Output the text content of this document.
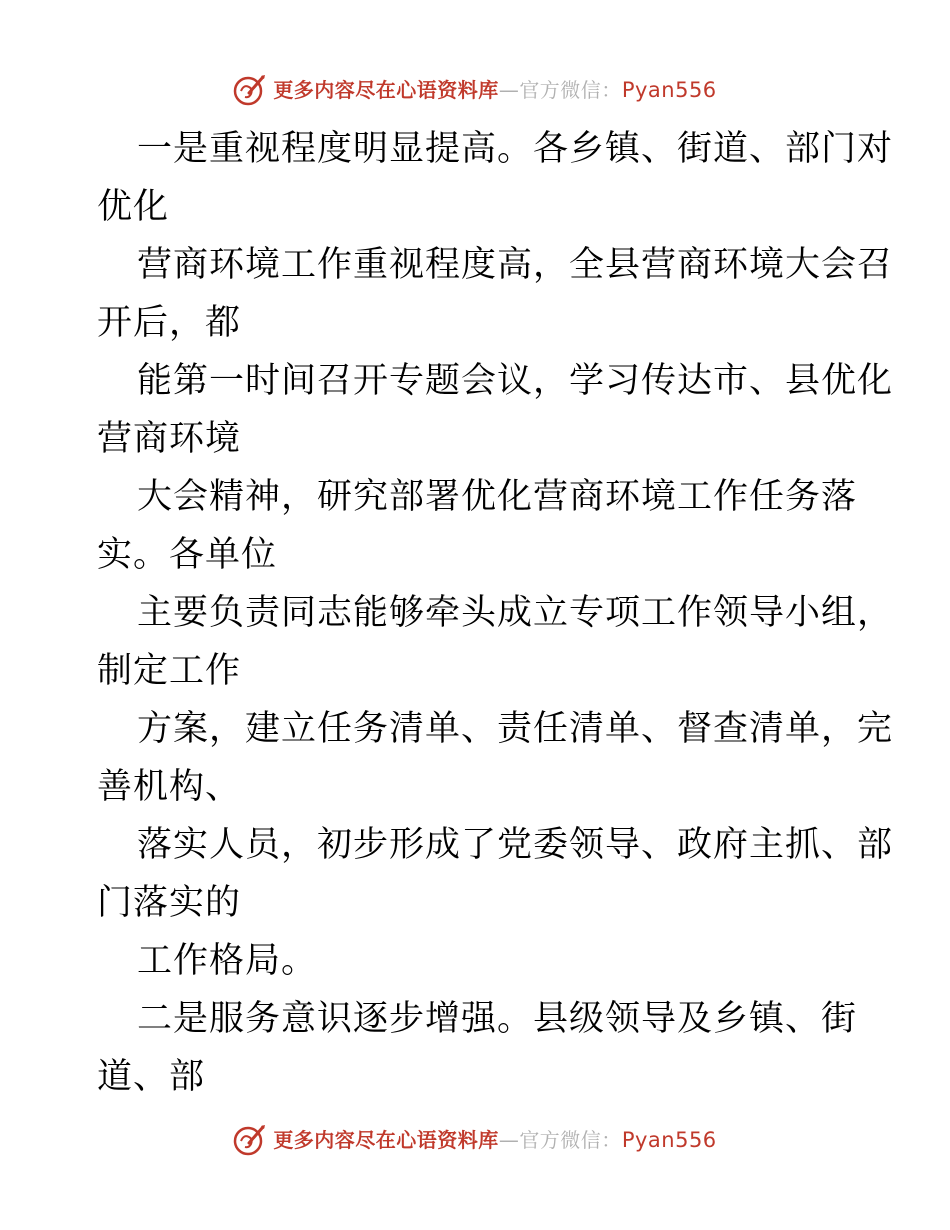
更多内容尽在心语资料库 — 官方微信： Pyan556
一是重视程度明显提高。各乡镇、街道、部门对
优化
营商环境工作重视程度高，全县营商环境大会召
开后，都
能第一时间召开专题会议，学习传达市、县优化
营商环境
大会精神，研究部署优化营商环境工作任务落
实。各单位
主要负责同志能够牵头成立专项工作领导小组，
制定工作
方案，建立任务清单、责任清单、督查清单，完
善机构、
落实人员，初步形成了党委领导、政府主抓、部
门落实的
工作格局。
二是服务意识逐步增强。县级领导及乡镇、街
道、部
更多内容尽在心语资料库 — 官方微信： Pyan556
